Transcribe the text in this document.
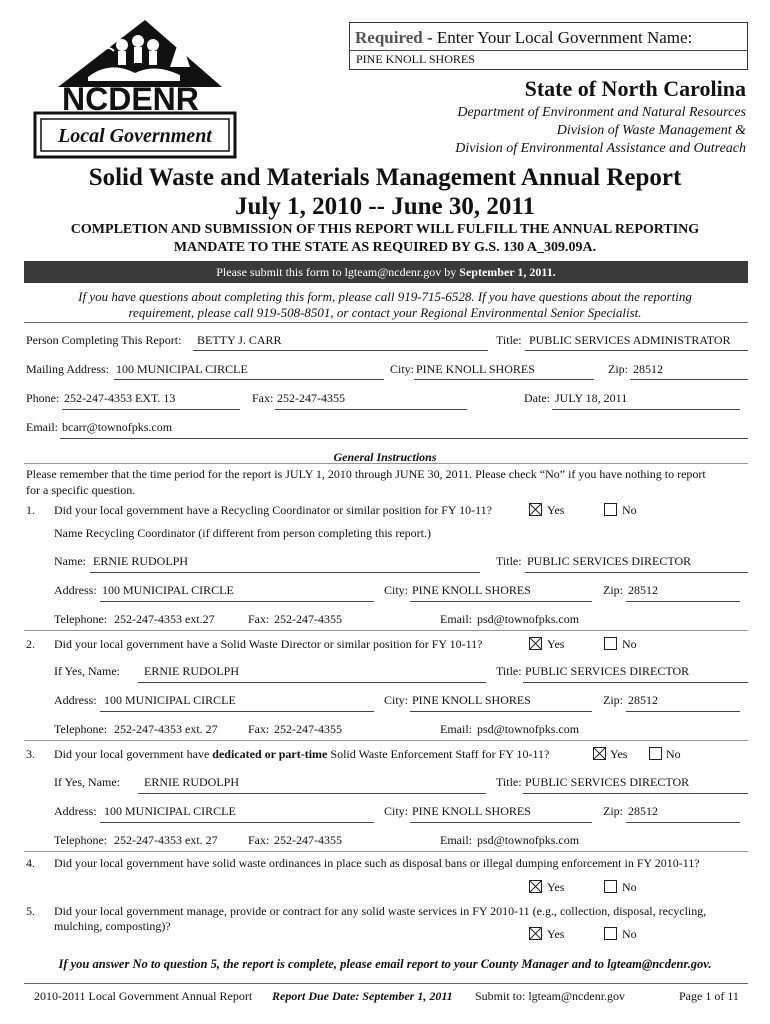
Required - Enter Your Local Government Name:
PINE KNOLL SHORES
State of North Carolina
Department of Environment and Natural Resources
Division of Waste Management &
Division of Environmental Assistance and Outreach
NCDENR
Local Government
Solid Waste and Materials Management Annual Report
July 1, 2010 -- June 30, 2011
COMPLETION AND SUBMISSION OF THIS REPORT WILL FULFILL THE ANNUAL REPORTING
MANDATE TO THE STATE AS REQUIRED BY G.S. 130 A_309.09A.
Please submit this form to lgteam@ncdenr.gov by September 1, 2011.
If you have questions about completing this form, please call 919-715-6528. If you have questions about the reporting
requirement, please call 919-508-8501, or contact your Regional Environmental Senior Specialist.
Person Completing This Report: BETTY J. CARR	Title: PUBLIC SERVICES ADMINISTRATOR
Mailing Address: 100 MUNICIPAL CIRCLE	City: PINE KNOLL SHORES	Zip: 28512
Phone: 252-247-4353 EXT. 13	Fax: 252-247-4355	Date: JULY 18, 2011
Email: bcarr@townofpks.com
General Instructions
Please remember that the time period for the report is JULY 1, 2010 through JUNE 30, 2011. Please check “No” if you have nothing to report
for a specific question.
1. Did your local government have a Recycling Coordinator or similar position for FY 10-11?	Yes	No
Name Recycling Coordinator (if different from person completing this report.)
Name: ERNIE RUDOLPH	Title: PUBLIC SERVICES DIRECTOR
Address: 100 MUNICIPAL CIRCLE	City: PINE KNOLL SHORES	Zip: 28512
Telephone: 252-247-4353 ext.27	Fax: 252-247-4355	Email: psd@townofpks.com
2. Did your local government have a Solid Waste Director or similar position for FY 10-11?	Yes	No
If Yes, Name: ERNIE RUDOLPH	Title: PUBLIC SERVICES DIRECTOR
Address: 100 MUNICIPAL CIRCLE	City: PINE KNOLL SHORES	Zip: 28512
Telephone: 252-247-4353 ext. 27	Fax: 252-247-4355	Email: psd@townofpks.com
3. Did your local government have dedicated or part-time Solid Waste Enforcement Staff for FY 10-11?	Yes	No
If Yes, Name: ERNIE RUDOLPH	Title: PUBLIC SERVICES DIRECTOR
Address: 100 MUNICIPAL CIRCLE	City: PINE KNOLL SHORES	Zip: 28512
Telephone: 252-247-4353 ext. 27	Fax: 252-247-4355	Email: psd@townofpks.com
4. Did your local government have solid waste ordinances in place such as disposal bans or illegal dumping enforcement in FY 2010-11?
Yes	No
5. Did your local government manage, provide or contract for any solid waste services in FY 2010-11 (e.g., collection, disposal, recycling,
mulching, composting)?
Yes	No
If you answer No to question 5, the report is complete, please email report to your County Manager and to lgteam@ncdenr.gov.
2010-2011 Local Government Annual Report Report Due Date: September 1, 2011 Submit to: lgteam@ncdenr.gov	Page 1 of 11
